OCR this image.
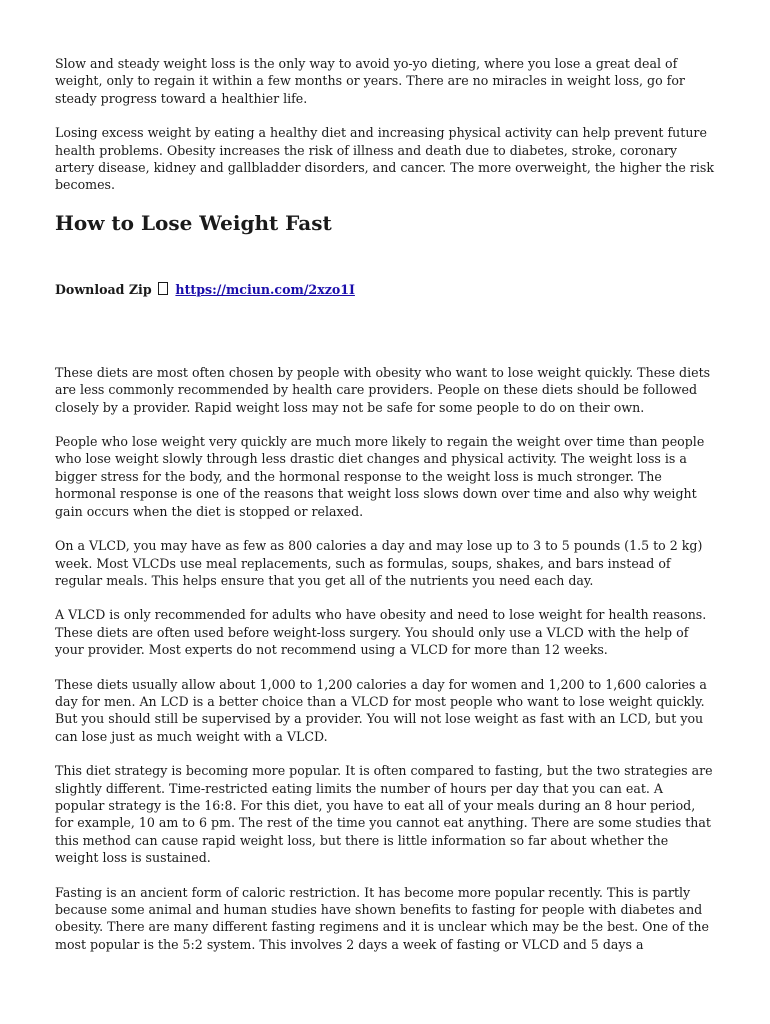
Slow and steady weight loss is the only way to avoid yo-yo dieting, where you lose a great deal of weight, only to regain it within a few months or years. There are no miracles in weight loss, go for steady progress toward a healthier life.

Losing excess weight by eating a healthy diet and increasing physical activity can help prevent future health problems. Obesity increases the risk of illness and death due to diabetes, stroke, coronary artery disease, kidney and gallbladder disorders, and cancer. The more overweight, the higher the risk becomes.

How to Lose Weight Fast
Download Zip https://mciun.com/2xzo1I

These diets are most often chosen by people with obesity who want to lose weight quickly. These diets are less commonly recommended by health care providers. People on these diets should be followed closely by a provider. Rapid weight loss may not be safe for some people to do on their own.

People who lose weight very quickly are much more likely to regain the weight over time than people who lose weight slowly through less drastic diet changes and physical activity. The weight loss is a bigger stress for the body, and the hormonal response to the weight loss is much stronger. The hormonal response is one of the reasons that weight loss slows down over time and also why weight gain occurs when the diet is stopped or relaxed.

On a VLCD, you may have as few as 800 calories a day and may lose up to 3 to 5 pounds (1.5 to 2 kg) week. Most VLCDs use meal replacements, such as formulas, soups, shakes, and bars instead of regular meals. This helps ensure that you get all of the nutrients you need each day.

A VLCD is only recommended for adults who have obesity and need to lose weight for health reasons. These diets are often used before weight-loss surgery. You should only use a VLCD with the help of your provider. Most experts do not recommend using a VLCD for more than 12 weeks.

These diets usually allow about 1,000 to 1,200 calories a day for women and 1,200 to 1,600 calories a day for men. An LCD is a better choice than a VLCD for most people who want to lose weight quickly. But you should still be supervised by a provider. You will not lose weight as fast with an LCD, but you can lose just as much weight with a VLCD.

This diet strategy is becoming more popular. It is often compared to fasting, but the two strategies are slightly different. Time-restricted eating limits the number of hours per day that you can eat. A popular strategy is the 16:8. For this diet, you have to eat all of your meals during an 8 hour period, for example, 10 am to 6 pm. The rest of the time you cannot eat anything. There are some studies that this method can cause rapid weight loss, but there is little information so far about whether the weight loss is sustained.

Fasting is an ancient form of caloric restriction. It has become more popular recently. This is partly because some animal and human studies have shown benefits to fasting for people with diabetes and obesity. There are many different fasting regimens and it is unclear which may be the best. One of the most popular is the 5:2 system. This involves 2 days a week of fasting or VLCD and 5 days a
